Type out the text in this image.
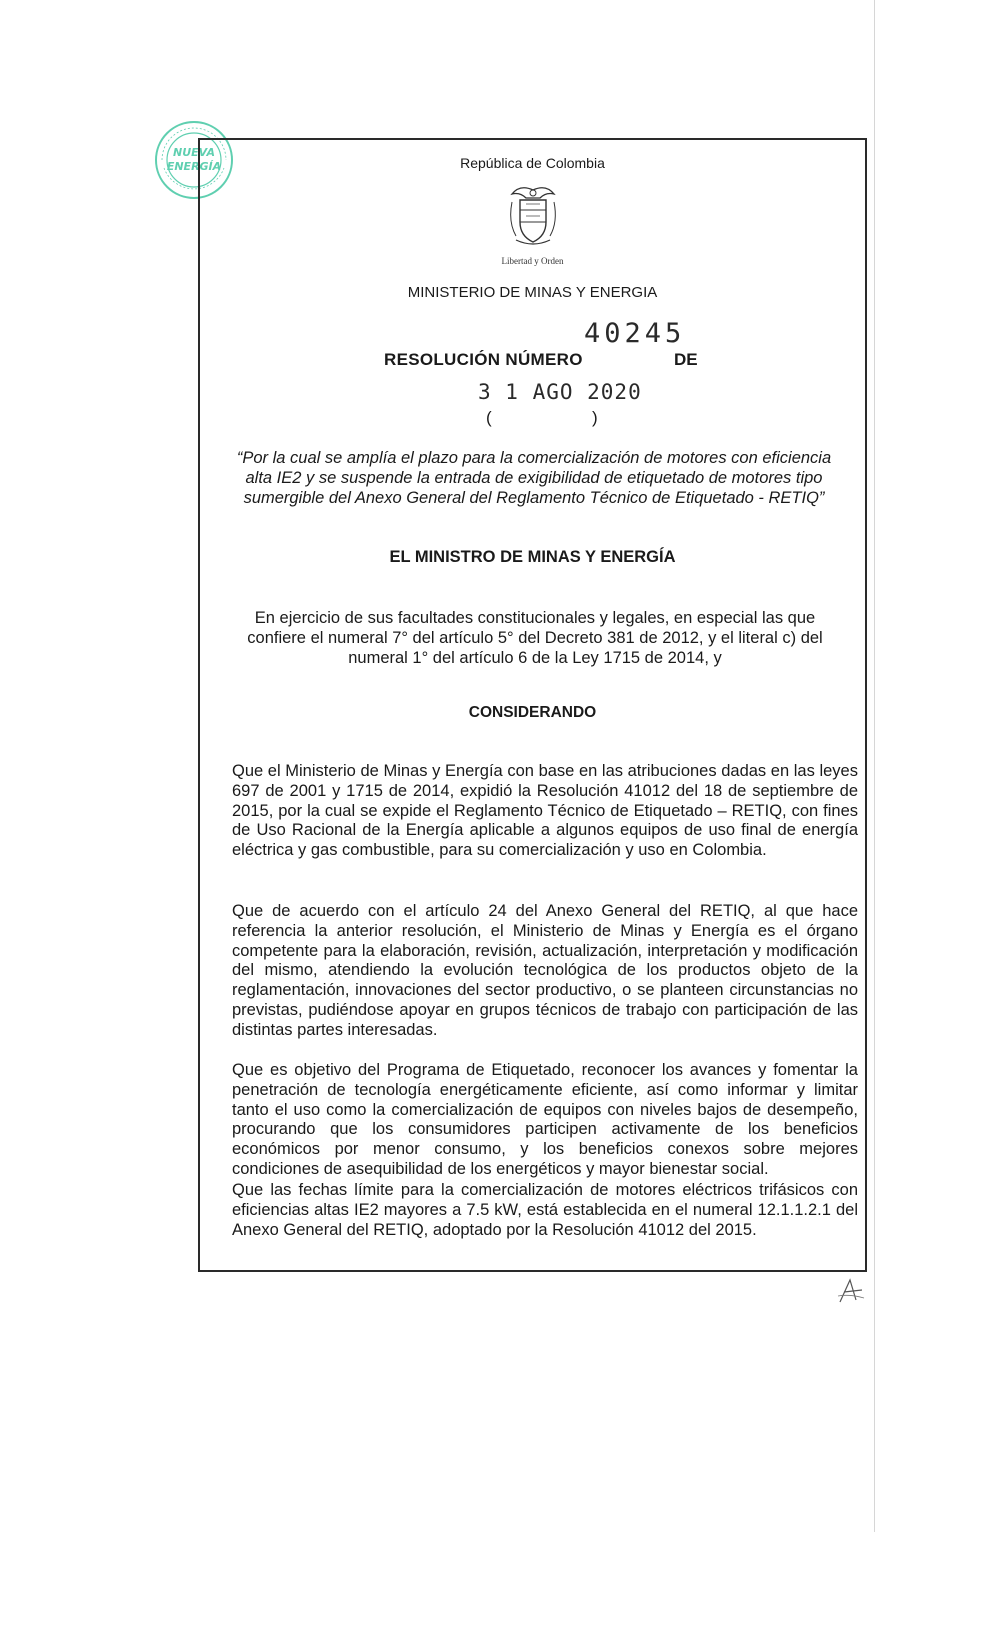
NUEVA
ENERGÍA	República de Colombia
Libertad y Orden
MINISTERIO DE MINAS Y ENERGIA
40245
RESOLUCIÓN NÚMERO	DE
3 1 AGO 2020
(	)
“Por la cual se amplía el plazo para la comercialización de motores con eficiencia alta IE2 y se suspende la entrada de exigibilidad de etiquetado de motores tipo sumergible del Anexo General del Reglamento Técnico de Etiquetado - RETIQ”
EL MINISTRO DE MINAS Y ENERGÍA
En ejercicio de sus facultades constitucionales y legales, en especial las que confiere el numeral 7° del artículo 5° del Decreto 381 de 2012, y el literal c) del numeral 1° del artículo 6 de la Ley 1715 de 2014, y
CONSIDERANDO
Que el Ministerio de Minas y Energía con base en las atribuciones dadas en las leyes 697 de 2001 y 1715 de 2014, expidió la Resolución 41012 del 18 de septiembre de 2015, por la cual se expide el Reglamento Técnico de Etiquetado – RETIQ, con fines de Uso Racional de la Energía aplicable a algunos equipos de uso final de energía eléctrica y gas combustible, para su comercialización y uso en Colombia.
Que de acuerdo con el artículo 24 del Anexo General del RETIQ, al que hace referencia la anterior resolución, el Ministerio de Minas y Energía es el órgano competente para la elaboración, revisión, actualización, interpretación y modificación del mismo, atendiendo la evolución tecnológica de los productos objeto de la reglamentación, innovaciones del sector productivo, o se planteen circunstancias no previstas, pudiéndose apoyar en grupos técnicos de trabajo con participación de las distintas partes interesadas.
Que es objetivo del Programa de Etiquetado, reconocer los avances y fomentar la penetración de tecnología energéticamente eficiente, así como informar y limitar tanto el uso como la comercialización de equipos con niveles bajos de desempeño, procurando que los consumidores participen activamente de los beneficios económicos por menor consumo, y los beneficios conexos sobre mejores condiciones de asequibilidad de los energéticos y mayor bienestar social.
Que las fechas límite para la comercialización de motores eléctricos trifásicos con eficiencias altas IE2 mayores a 7.5 kW, está establecida en el numeral 12.1.1.2.1 del Anexo General del RETIQ, adoptado por la Resolución 41012 del 2015.
